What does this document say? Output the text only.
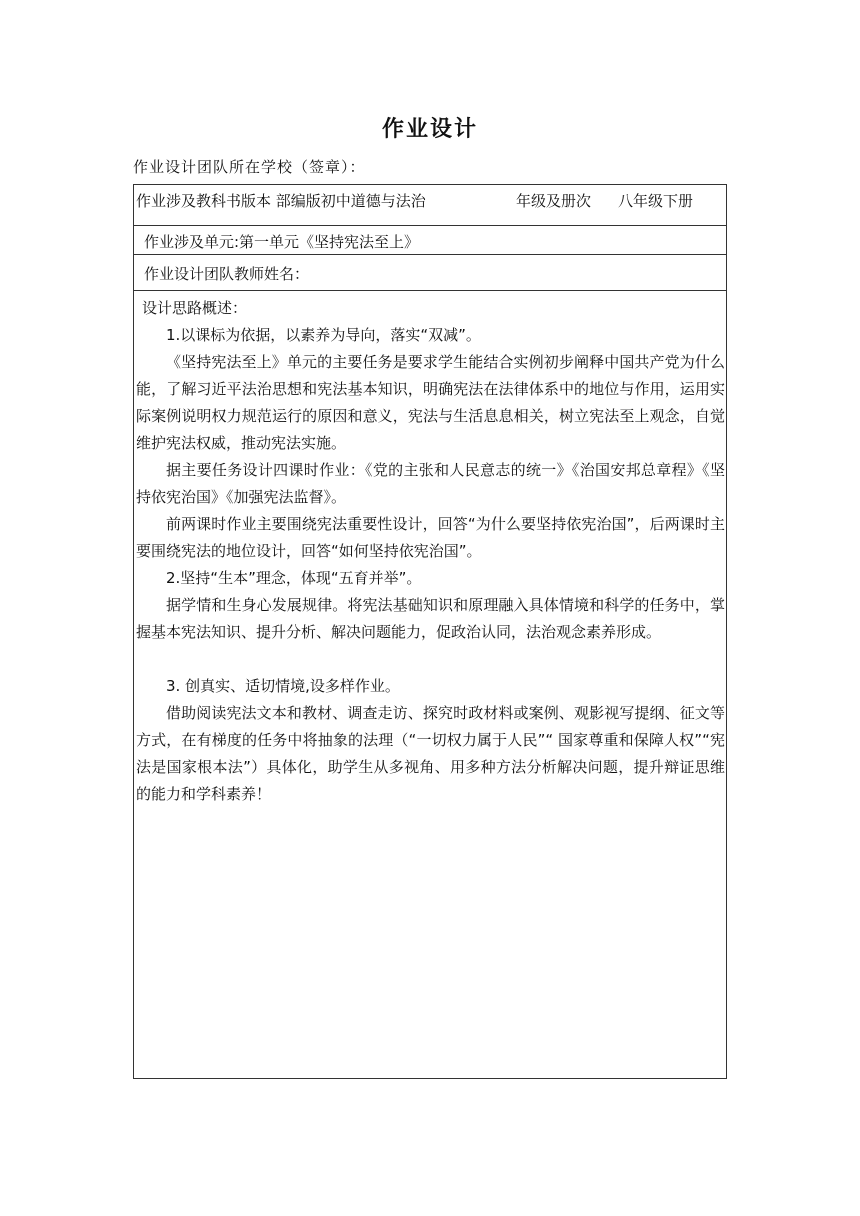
作业设计
作业设计团队所在学校（签章）：
作业涉及教科书版本 部编版初中道德与法治	年级及册次 八年级下册
作业涉及单元:第一单元《坚持宪法至上》
作业设计团队教师姓名：
设计思路概述：
1.以课标为依据，以素养为导向，落实“双减”。
《坚持宪法至上》单元的主要任务是要求学生能结合实例初步阐释中国共产党为什么能，了解习近平法治思想和宪法基本知识，明确宪法在法律体系中的地位与作用，运用实际案例说明权力规范运行的原因和意义，宪法与生活息息相关，树立宪法至上观念，自觉维护宪法权威，推动宪法实施。
据主要任务设计四课时作业：《党的主张和人民意志的统一》《治国安邦总章程》《坚持依宪治国》《加强宪法监督》。
前两课时作业主要围绕宪法重要性设计，回答“为什么要坚持依宪治国”，后两课时主要围绕宪法的地位设计，回答“如何坚持依宪治国”。
2.坚持“生本”理念，体现“五育并举”。
据学情和生身心发展规律。将宪法基础知识和原理融入具体情境和科学的任务中，掌握基本宪法知识、提升分析、解决问题能力，促政治认同，法治观念素养形成。
3. 创真实、适切情境,设多样作业。
借助阅读宪法文本和教材、调查走访、探究时政材料或案例、观影视写提纲、征文等方式，在有梯度的任务中将抽象的法理（“一切权力属于人民”“ 国家尊重和保障人权”“宪法是国家根本法”）具体化，助学生从多视角、用多种方法分析解决问题，提升辩证思维的能力和学科素养！
